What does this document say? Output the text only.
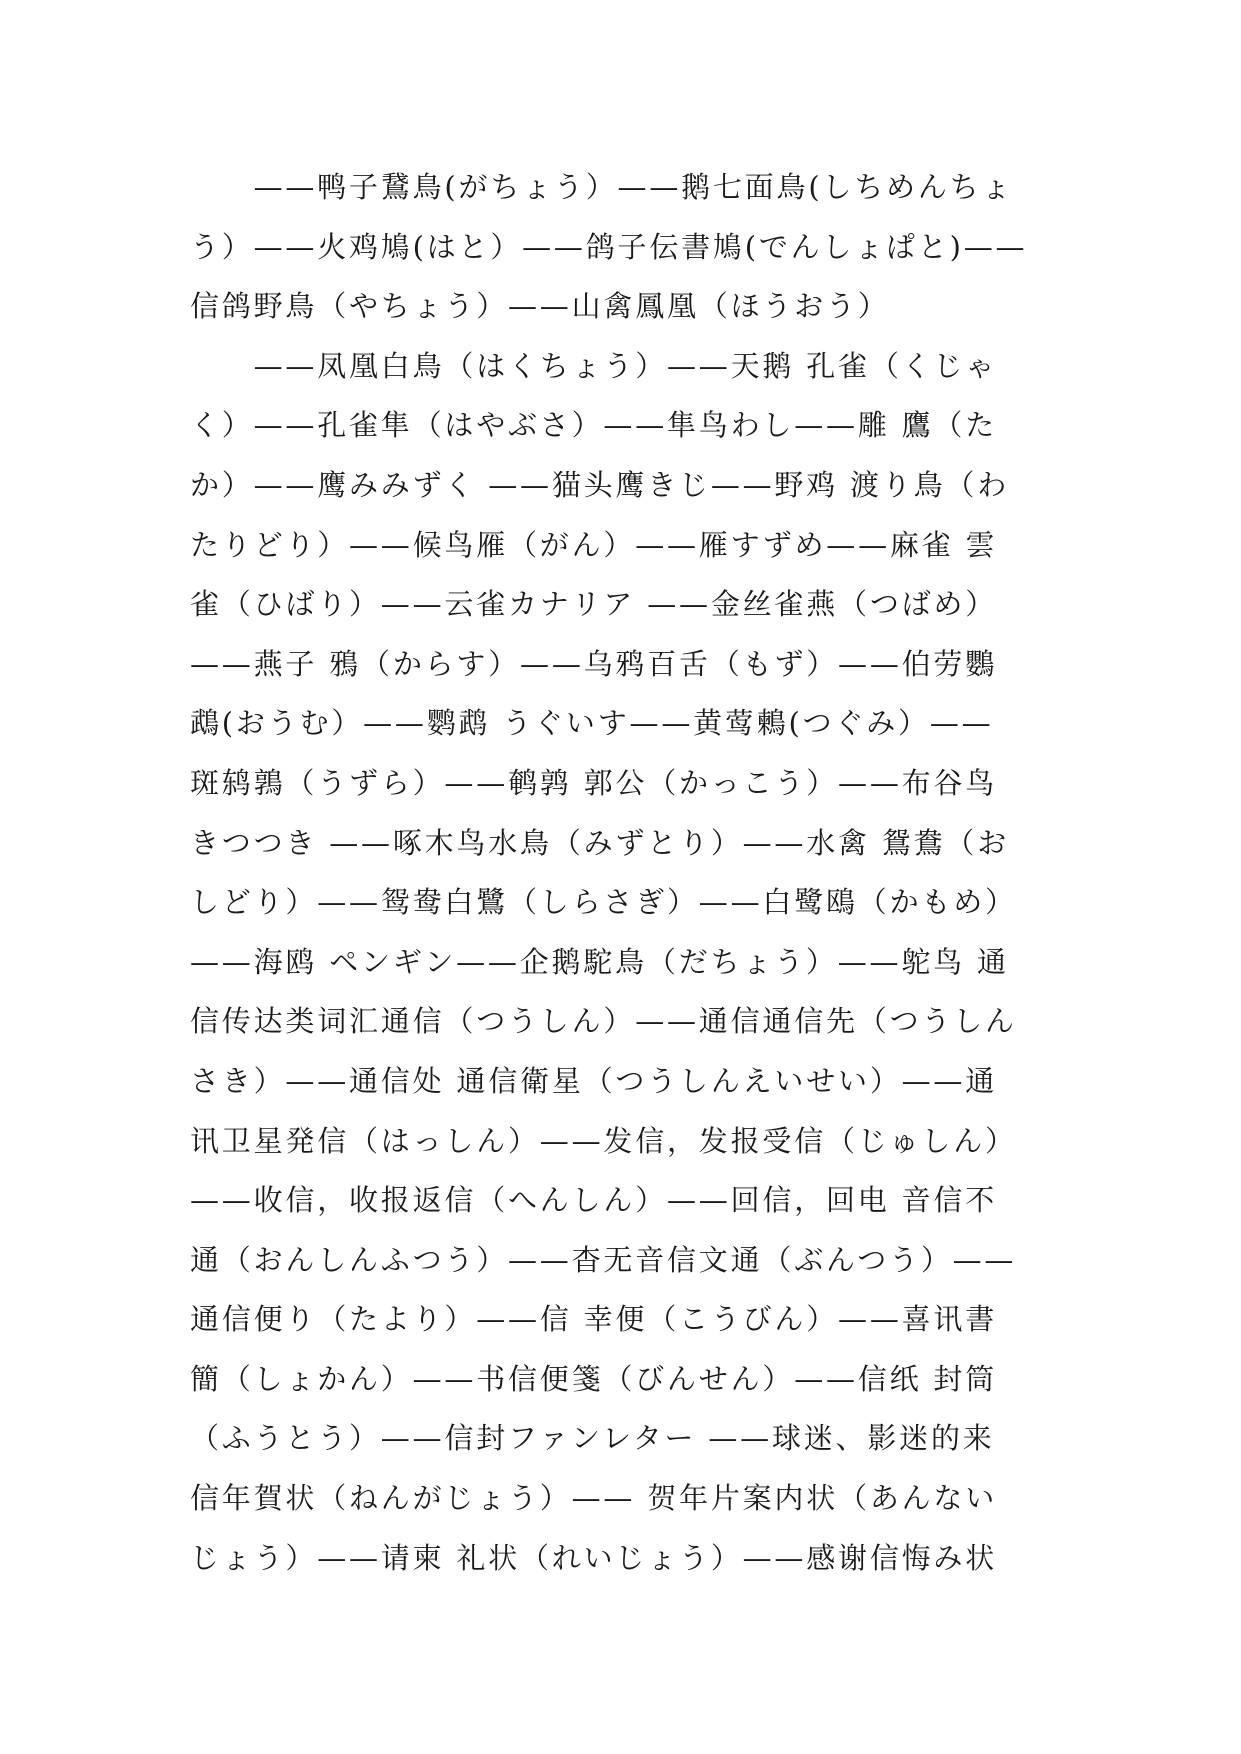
　　——鸭子鵞鳥(がちょう）——鹅七面鳥(しちめんちょ
う）——火鸡鳩(はと）——鸽子伝書鳩(でんしょぱと)——
信鸽野鳥（やちょう）——山禽鳳凰（ほうおう）
　　——凤凰白鳥（はくちょう）——天鹅 孔雀（くじゃ
く）——孔雀隼（はやぶさ）——隼鸟わし——雕 鷹（た
か）——鹰みみずく ——猫头鹰きじ——野鸡 渡り鳥（わ
たりどり）——候鸟雁（がん）——雁すずめ——麻雀 雲
雀（ひばり）——云雀カナリア ——金丝雀燕（つばめ）
——燕子 鴉（からす）——乌鸦百舌（もず）——伯劳鸚
鵡(おうむ）——鹦鹉 うぐいす——黄莺鶫(つぐみ）——
斑鸫鶉（うずら）——鹌鹑 郭公（かっこう）——布谷鸟
きつつき ——啄木鸟水鳥（みずとり）——水禽 鴛鴦（お
しどり）——鸳鸯白鷺（しらさぎ）——白鹭鴎（かもめ）
——海鸥 ペンギン——企鹅駝鳥（だちょう）——鸵鸟 通
信传达类词汇通信（つうしん）——通信通信先（つうしん
さき）——通信处 通信衛星（つうしんえいせい）——通
讯卫星発信（はっしん）——发信，发报受信（じゅしん）
——收信，收报返信（へんしん）——回信，回电 音信不
通（おんしんふつう）——杳无音信文通（ぶんつう）——
通信便り（たより）——信 幸便（こうびん）——喜讯書
簡（しょかん）——书信便箋（びんせん）——信纸 封筒
（ふうとう）——信封ファンレター ——球迷、影迷的来
信年賀状（ねんがじょう）—— 贺年片案内状（あんない
じょう）——请柬 礼状（れいじょう）——感谢信悔み状
